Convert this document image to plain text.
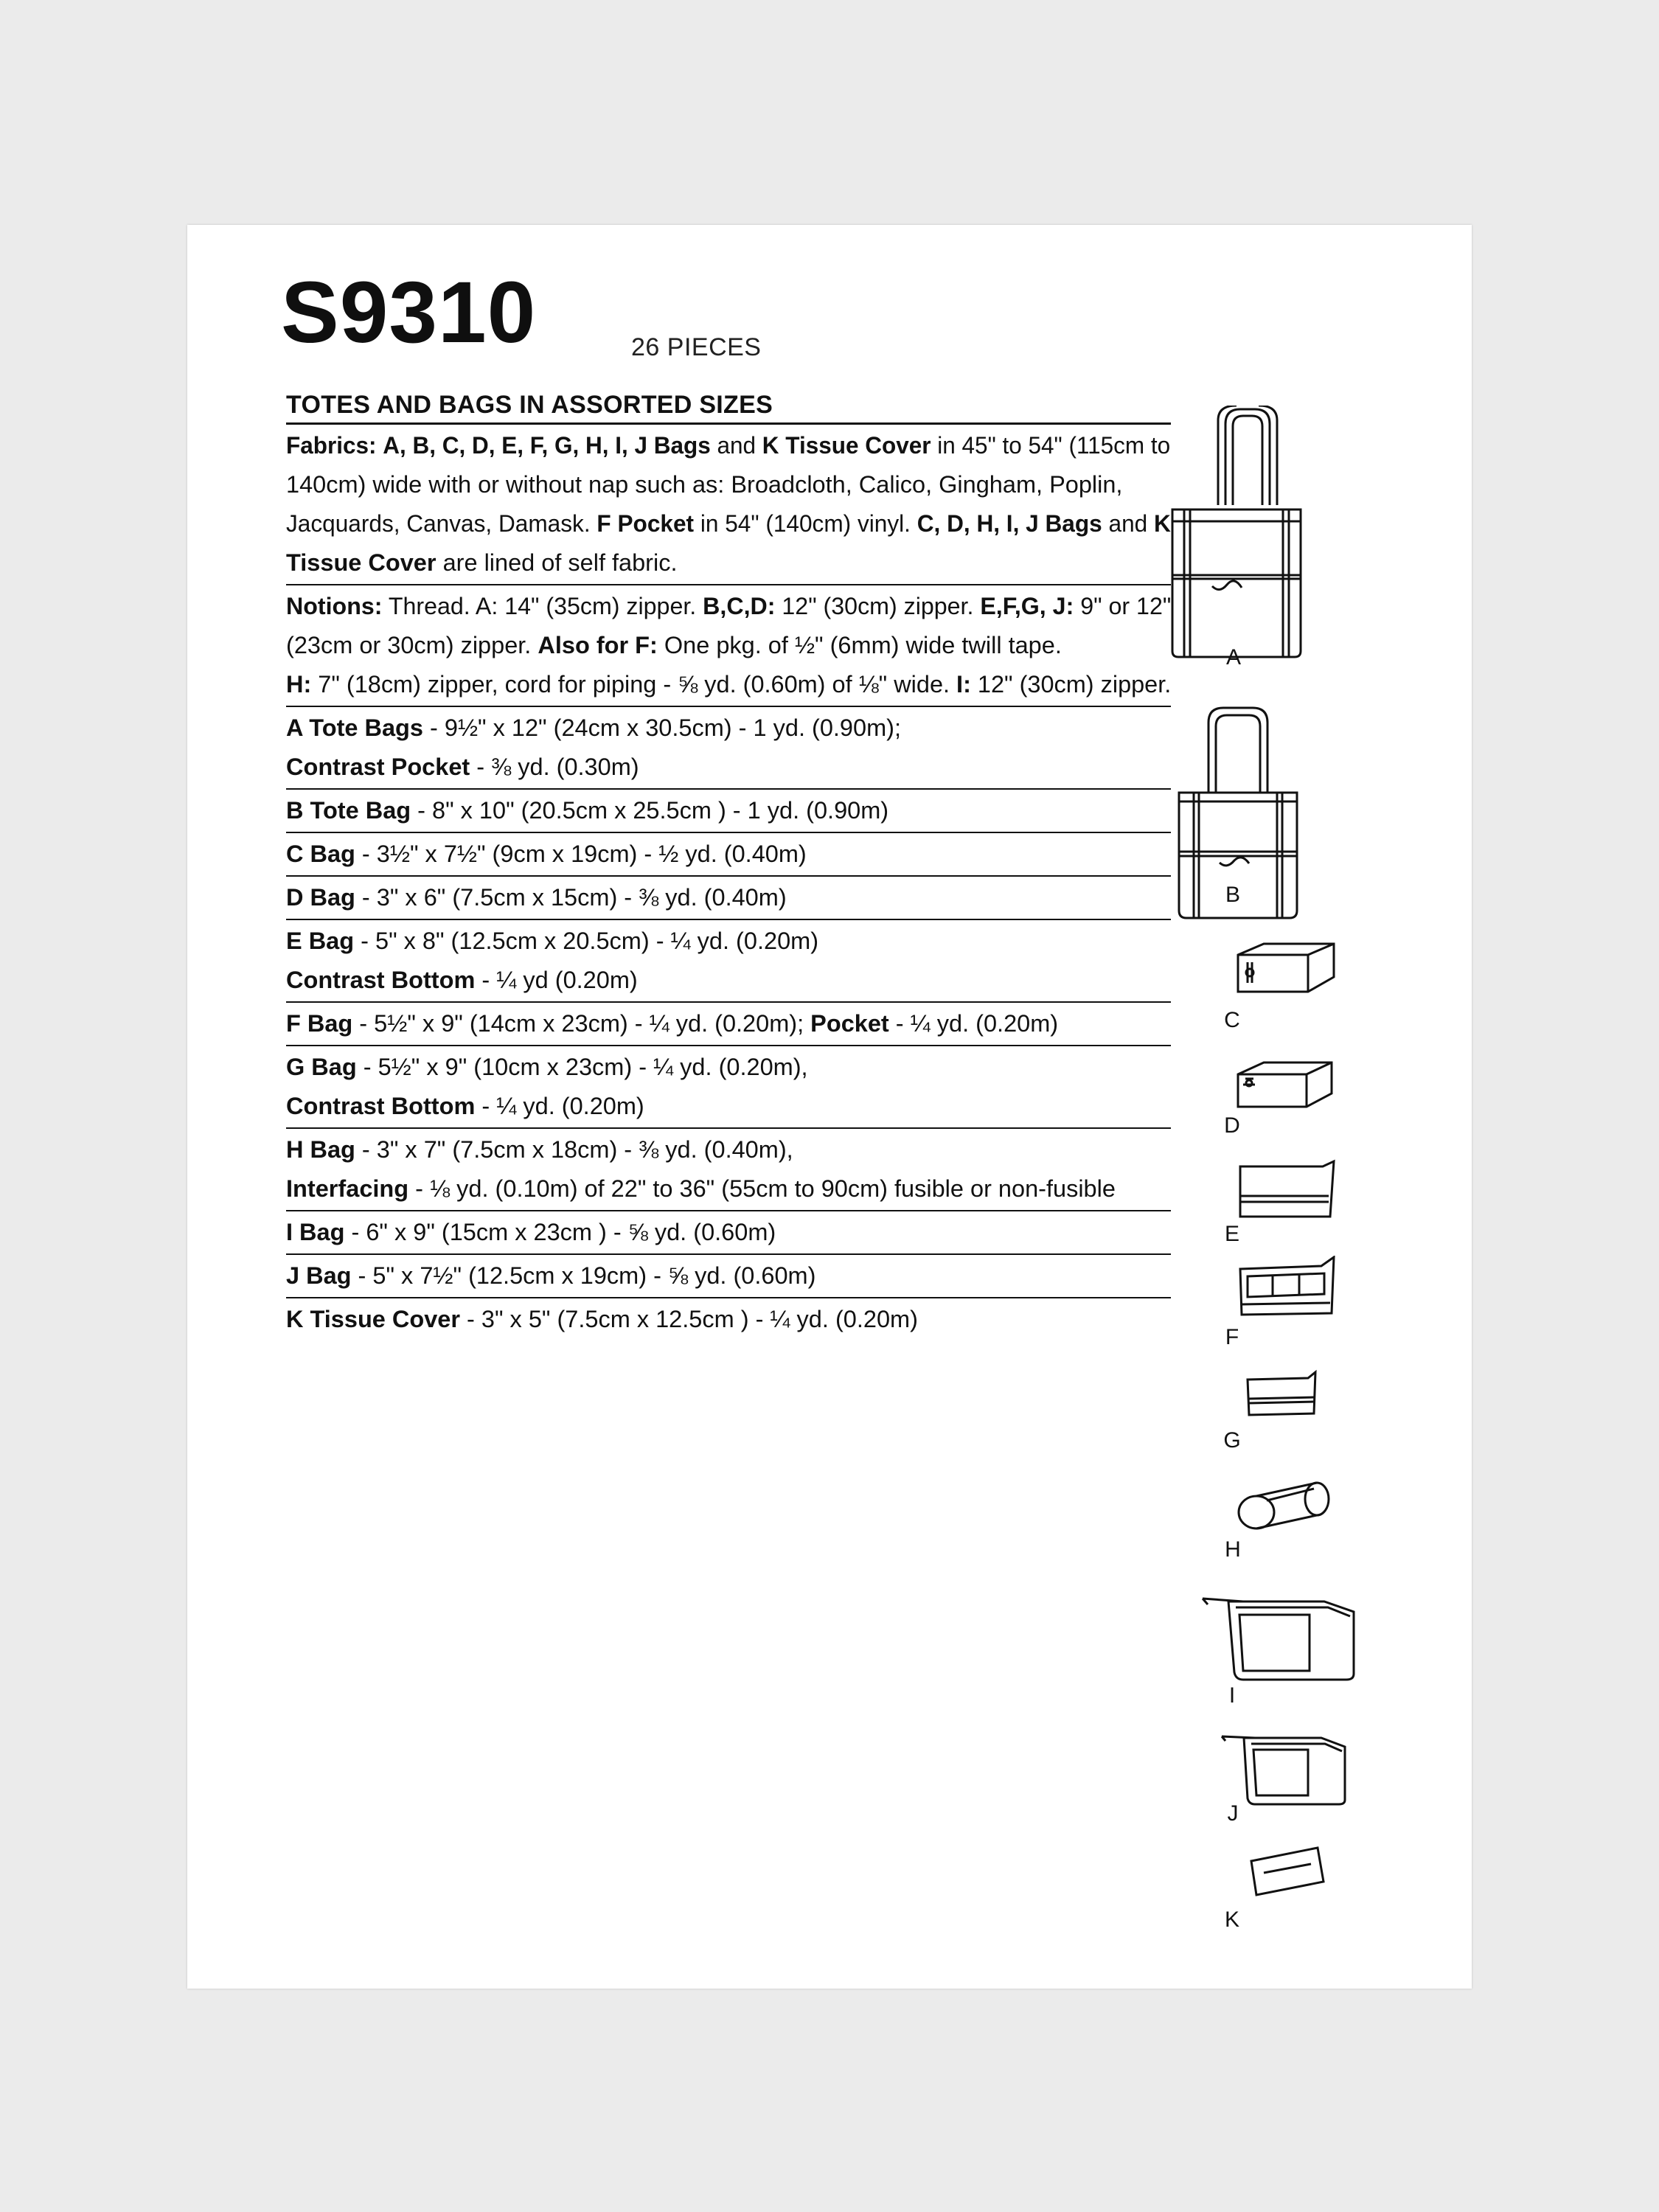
S9310	26 PIECES
TOTES AND BAGS IN ASSORTED SIZES
Fabrics: A, B, C, D, E, F, G, H, I, J Bags and K Tissue Cover in 45" to 54" (115cm to
140cm) wide with or without nap such as: Broadcloth, Calico, Gingham, Poplin,
Jacquards, Canvas, Damask. F Pocket in 54" (140cm) vinyl. C, D, H, I, J Bags and K
Tissue Cover are lined of self fabric.
Notions: Thread. A: 14" (35cm) zipper. B,C,D: 12" (30cm) zipper. E,F,G, J: 9" or 12"
(23cm or 30cm) zipper. Also for F: One pkg. of ½" (6mm) wide twill tape.
H: 7" (18cm) zipper, cord for piping - ⅝ yd. (0.60m) of ⅛" wide. I: 12" (30cm) zipper.
A Tote Bags - 9½" x 12" (24cm x 30.5cm) - 1 yd. (0.90m);
Contrast Pocket - ⅜ yd. (0.30m)
B Tote Bag - 8" x 10" (20.5cm x 25.5cm ) - 1 yd. (0.90m)
C Bag - 3½" x 7½" (9cm x 19cm) - ½ yd. (0.40m)
D Bag - 3" x 6" (7.5cm x 15cm) - ⅜ yd. (0.40m)
E Bag - 5" x 8" (12.5cm x 20.5cm) - ¼ yd. (0.20m)
Contrast Bottom - ¼ yd (0.20m)
F Bag - 5½" x 9" (14cm x 23cm) - ¼ yd. (0.20m); Pocket - ¼ yd. (0.20m)
G Bag - 5½" x 9" (10cm x 23cm) - ¼ yd. (0.20m),
Contrast Bottom - ¼ yd. (0.20m)
H Bag - 3" x 7" (7.5cm x 18cm) - ⅜ yd. (0.40m),
Interfacing - ⅛ yd. (0.10m) of 22" to 36" (55cm to 90cm) fusible or non-fusible
I Bag - 6" x 9" (15cm x 23cm ) - ⅝ yd. (0.60m)
J Bag - 5" x 7½" (12.5cm x 19cm) - ⅝ yd. (0.60m)
K Tissue Cover - 3" x 5" (7.5cm x 12.5cm ) - ¼ yd. (0.20m)
A
B
C
D
E
F
G
H
I
J
K
